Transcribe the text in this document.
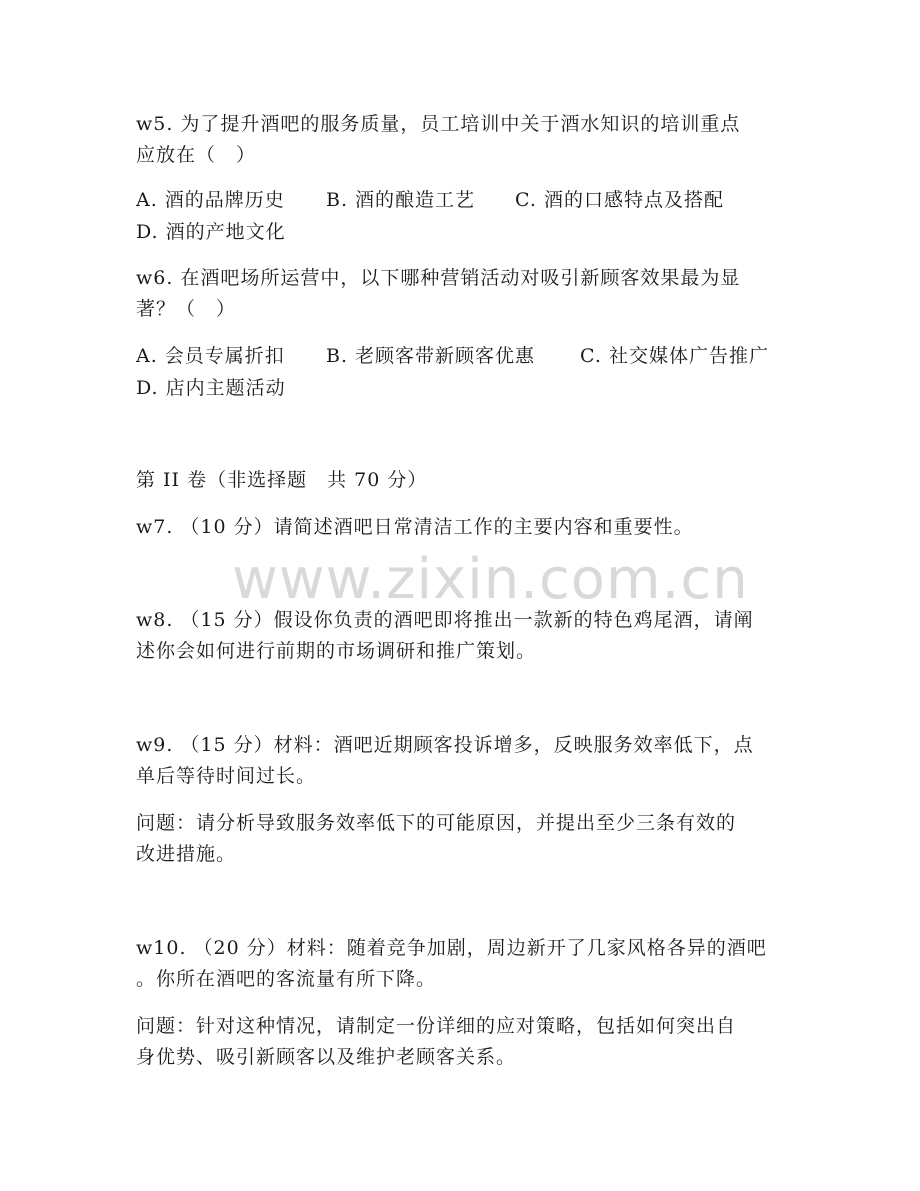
www.zixin.com.cn
w5. 为了提升酒吧的服务质量，员工培训中关于酒水知识的培训重点
应放在（　）
A. 酒的品牌历史 B. 酒的酿造工艺 C. 酒的口感特点及搭配
D. 酒的产地文化
w6. 在酒吧场所运营中，以下哪种营销活动对吸引新顾客效果最为显
著？（　）
A. 会员专属折扣 B. 老顾客带新顾客优惠 C. 社交媒体广告推广
D. 店内主题活动
第 II 卷（非选择题　共 70 分）
w7. （10 分）请简述酒吧日常清洁工作的主要内容和重要性。
w8. （15 分）假设你负责的酒吧即将推出一款新的特色鸡尾酒，请阐
述你会如何进行前期的市场调研和推广策划。
w9. （15 分）材料：酒吧近期顾客投诉增多，反映服务效率低下，点
单后等待时间过长。
问题：请分析导致服务效率低下的可能原因，并提出至少三条有效的
改进措施。
w10. （20 分）材料：随着竞争加剧，周边新开了几家风格各异的酒吧
。你所在酒吧的客流量有所下降。
问题：针对这种情况，请制定一份详细的应对策略，包括如何突出自
身优势、吸引新顾客以及维护老顾客关系。
